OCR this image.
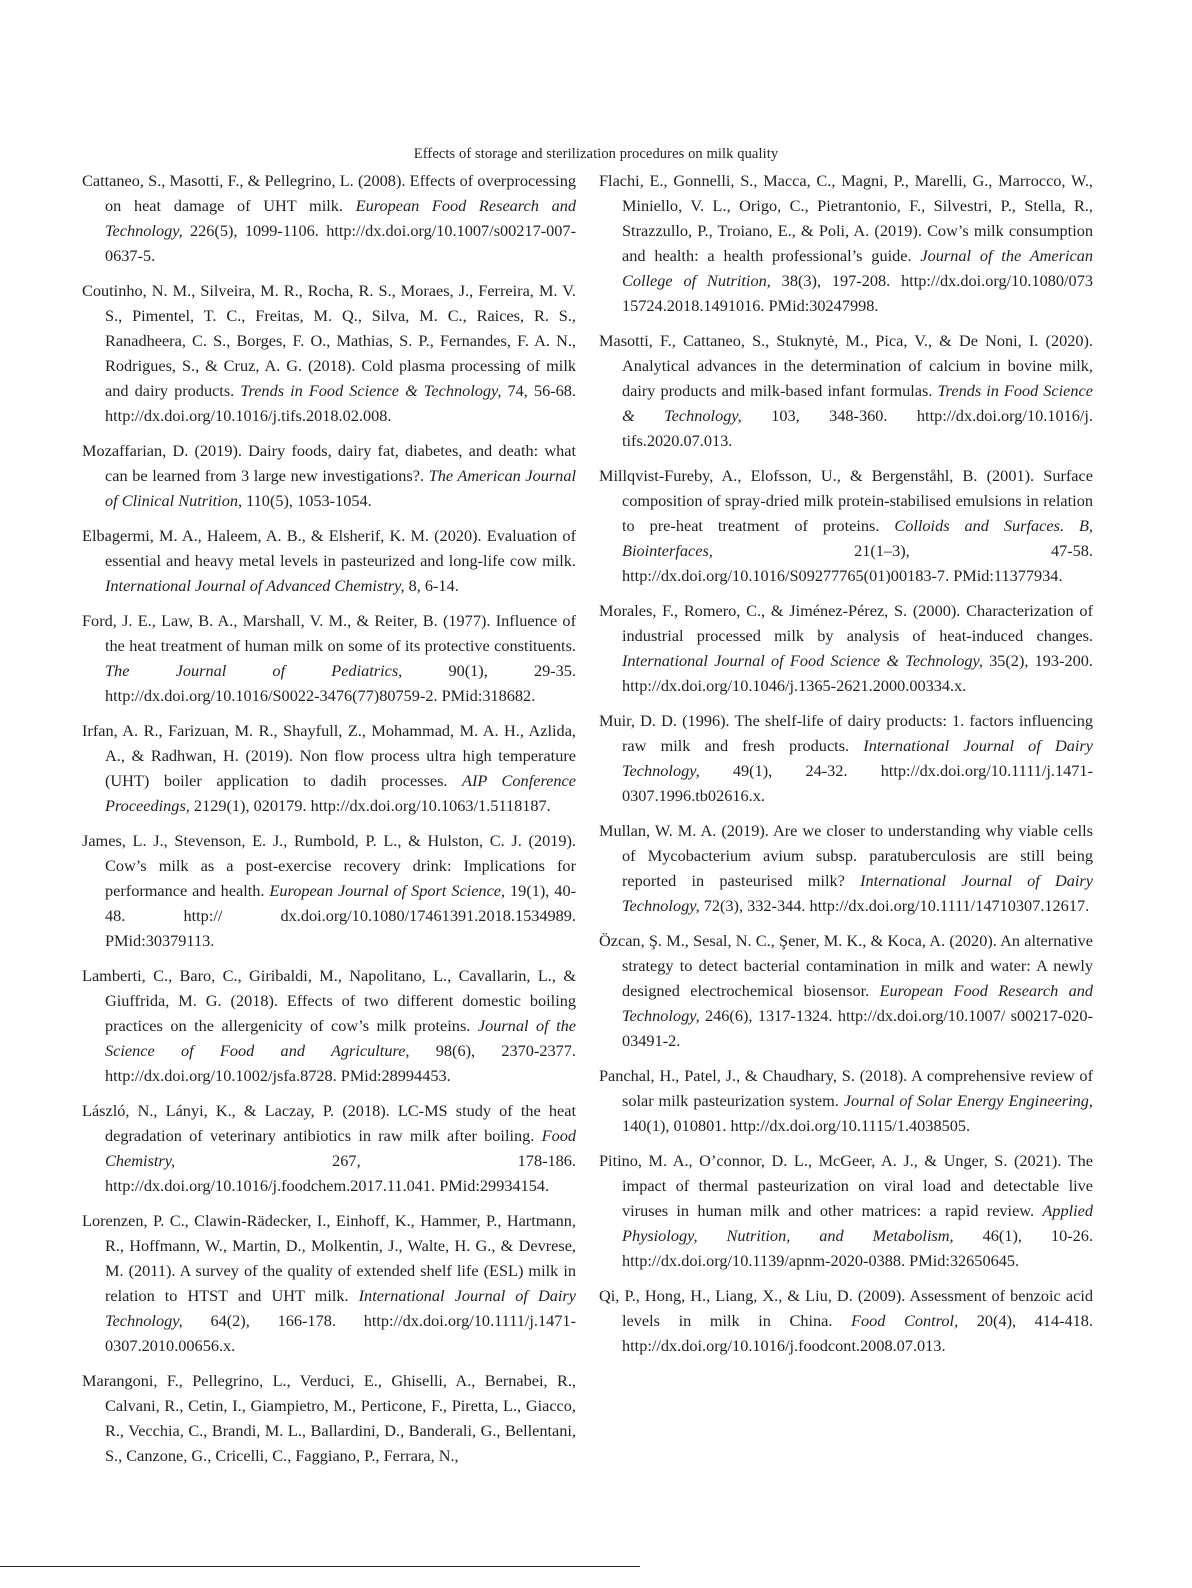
Effects of storage and sterilization procedures on milk quality

Cattaneo, S., Masotti, F., & Pellegrino, L. (2008). Effects of overprocessing on heat damage of UHT milk. European Food Research and Technology, 226(5), 1099-1106. http://dx.doi.org/10.1007/s00217-007-0637-5.

Coutinho, N. M., Silveira, M. R., Rocha, R. S., Moraes, J., Ferreira, M. V. S., Pimentel, T. C., Freitas, M. Q., Silva, M. C., Raices, R. S., Ranadheera, C. S., Borges, F. O., Mathias, S. P., Fernandes, F. A. N., Rodrigues, S., & Cruz, A. G. (2018). Cold plasma processing of milk and dairy products. Trends in Food Science & Technology, 74, 56-68. http://dx.doi.org/10.1016/j.tifs.2018.02.008.

Mozaffarian, D. (2019). Dairy foods, dairy fat, diabetes, and death: what can be learned from 3 large new investigations?. The American Journal of Clinical Nutrition, 110(5), 1053-1054.

Elbagermi, M. A., Haleem, A. B., & Elsherif, K. M. (2020). Evaluation of essential and heavy metal levels in pasteurized and long-life cow milk. International Journal of Advanced Chemistry, 8, 6-14.

Ford, J. E., Law, B. A., Marshall, V. M., & Reiter, B. (1977). Influence of the heat treatment of human milk on some of its protective constituents. The Journal of Pediatrics, 90(1), 29-35. http://dx.doi.org/10.1016/S0022-3476(77)80759-2. PMid:318682.

Irfan, A. R., Farizuan, M. R., Shayfull, Z., Mohammad, M. A. H., Azlida, A., & Radhwan, H. (2019). Non flow process ultra high temperature (UHT) boiler application to dadih processes. AIP Conference Proceedings, 2129(1), 020179. http://dx.doi.org/10.1063/1.5118187.

James, L. J., Stevenson, E. J., Rumbold, P. L., & Hulston, C. J. (2019). Cow’s milk as a post-exercise recovery drink: Implications for performance and health. European Journal of Sport Science, 19(1), 40-48. http:// dx.doi.org/10.1080/17461391.2018.1534989. PMid:30379113.

Lamberti, C., Baro, C., Giribaldi, M., Napolitano, L., Cavallarin, L., & Giuffrida, M. G. (2018). Effects of two different domestic boiling practices on the allergenicity of cow’s milk proteins. Journal of the Science of Food and Agriculture, 98(6), 2370-2377. http://dx.doi.org/10.1002/jsfa.8728. PMid:28994453.

László, N., Lányi, K., & Laczay, P. (2018). LC-MS study of the heat degradation of veterinary antibiotics in raw milk after boiling. Food Chemistry, 267, 178-186. http://dx.doi.org/10.1016/j.foodchem.2017.11.041. PMid:29934154.

Lorenzen, P. C., Clawin-Rädecker, I., Einhoff, K., Hammer, P., Hartmann, R., Hoffmann, W., Martin, D., Molkentin, J., Walte, H. G., & Devrese, M. (2011). A survey of the quality of extended shelf life (ESL) milk in relation to HTST and UHT milk. International Journal of Dairy Technology, 64(2), 166-178. http://dx.doi.org/10.1111/j.1471-0307.2010.00656.x.

Marangoni, F., Pellegrino, L., Verduci, E., Ghiselli, A., Bernabei, R., Calvani, R., Cetin, I., Giampietro, M., Perticone, F., Piretta, L., Giacco, R., Vecchia, C., Brandi, M. L., Ballardini, D., Banderali, G., Bellentani, S., Canzone, G., Cricelli, C., Faggiano, P., Ferrara, N.,

Flachi, E., Gonnelli, S., Macca, C., Magni, P., Marelli, G., Marrocco, W., Miniello, V. L., Origo, C., Pietrantonio, F., Silvestri, P., Stella, R., Strazzullo, P., Troiano, E., & Poli, A. (2019). Cow’s milk consumption and health: a health professional’s guide. Journal of the American College of Nutrition, 38(3), 197-208. http://dx.doi.org/10.1080/073 15724.2018.1491016. PMid:30247998.

Masotti, F., Cattaneo, S., Stuknytė, M., Pica, V., & De Noni, I. (2020). Analytical advances in the determination of calcium in bovine milk, dairy products and milk-based infant formulas. Trends in Food Science & Technology, 103, 348-360. http://dx.doi.org/10.1016/j. tifs.2020.07.013.

Millqvist-Fureby, A., Elofsson, U., & Bergenståhl, B. (2001). Surface composition of spray-dried milk protein-stabilised emulsions in relation to pre-heat treatment of proteins. Colloids and Surfaces. B, Biointerfaces, 21(1–3), 47-58. http://dx.doi.org/10.1016/S09277765(01)00183-7. PMid:11377934.

Morales, F., Romero, C., & Jiménez-Pérez, S. (2000). Characterization of industrial processed milk by analysis of heat-induced changes. International Journal of Food Science & Technology, 35(2), 193-200. http://dx.doi.org/10.1046/j.1365-2621.2000.00334.x.

Muir, D. D. (1996). The shelf-life of dairy products: 1. factors influencing raw milk and fresh products. International Journal of Dairy Technology, 49(1), 24-32. http://dx.doi.org/10.1111/j.1471-0307.1996.tb02616.x.

Mullan, W. M. A. (2019). Are we closer to understanding why viable cells of Mycobacterium avium subsp. paratuberculosis are still being reported in pasteurised milk? International Journal of Dairy Technology, 72(3), 332-344. http://dx.doi.org/10.1111/14710307.12617.

Özcan, Ş. M., Sesal, N. C., Şener, M. K., & Koca, A. (2020). An alternative strategy to detect bacterial contamination in milk and water: A newly designed electrochemical biosensor. European Food Research and Technology, 246(6), 1317-1324. http://dx.doi.org/10.1007/ s00217-020-03491-2.

Panchal, H., Patel, J., & Chaudhary, S. (2018). A comprehensive review of solar milk pasteurization system. Journal of Solar Energy Engineering, 140(1), 010801. http://dx.doi.org/10.1115/1.4038505.

Pitino, M. A., O’connor, D. L., McGeer, A. J., & Unger, S. (2021). The impact of thermal pasteurization on viral load and detectable live viruses in human milk and other matrices: a rapid review. Applied Physiology, Nutrition, and Metabolism, 46(1), 10-26. http://dx.doi.org/10.1139/apnm-2020-0388. PMid:32650645.

Qi, P., Hong, H., Liang, X., & Liu, D. (2009). Assessment of benzoic acid levels in milk in China. Food Control, 20(4), 414-418. http://dx.doi.org/10.1016/j.foodcont.2008.07.013.
